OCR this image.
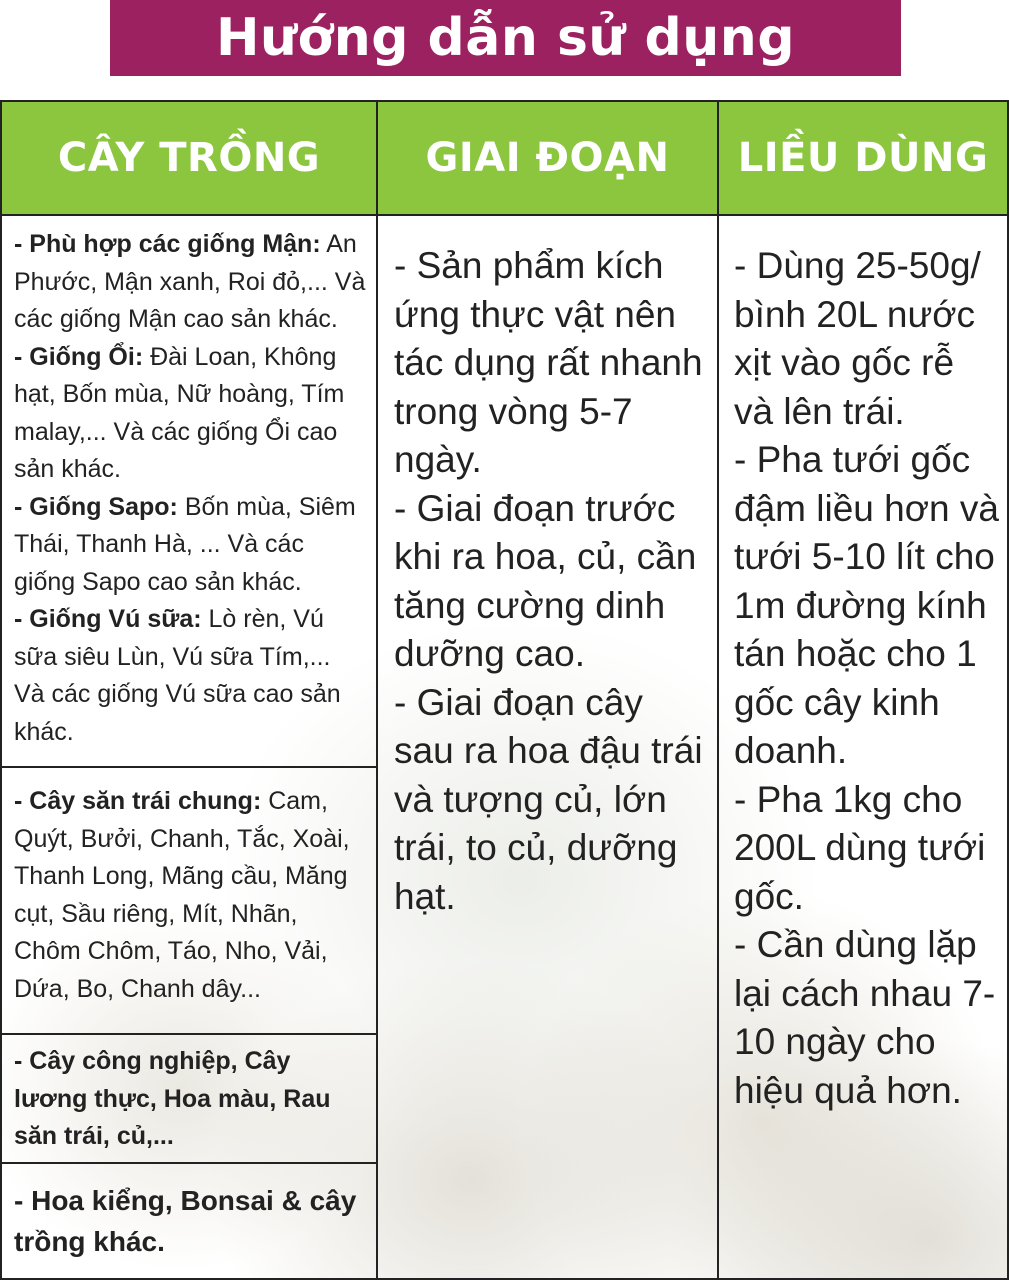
Hướng dẫn sử dụng
CÂY TRỒNG	GIAI ĐOẠN LIỀU DÙNG
- Phù hợp các giống Mận: An Phước, Mận xanh, Roi đỏ,... Và các giống Mận cao sản khác.
- Giống Ổi: Đài Loan, Không hạt, Bốn mùa, Nữ hoàng, Tím malay,... Và các giống Ổi cao sản khác.
- Giống Sapo: Bốn mùa, Siêm Thái, Thanh Hà, ... Và các giống Sapo cao sản khác.
- Giống Vú sữa: Lò rèn, Vú sữa siêu Lùn, Vú sữa Tím,... Và các giống Vú sữa cao sản khác.
- Cây săn trái chung: Cam, Quýt, Bưởi, Chanh, Tắc, Xoài, Thanh Long, Mãng cầu, Măng cụt, Sầu riêng, Mít, Nhãn, Chôm Chôm, Táo, Nho, Vải, Dứa, Bo, Chanh dây...
- Cây công nghiệp, Cây lương thực, Hoa màu, Rau săn trái, củ,...
- Hoa kiểng, Bonsai & cây trồng khác.
- Sản phẩm kích ứng thực vật nên tác dụng rất nhanh trong vòng 5-7 ngày.
- Giai đoạn trước khi ra hoa, củ, cần tăng cường dinh dưỡng cao.
- Giai đoạn cây sau ra hoa đậu trái và tượng củ, lớn trái, to củ, dưỡng hạt.
- Dùng 25-50g/ bình 20L nước xịt vào gốc rễ và lên trái.
- Pha tưới gốc đậm liều hơn và tưới 5-10 lít cho 1m đường kính tán hoặc cho 1 gốc cây kinh doanh.
- Pha 1kg cho 200L dùng tưới gốc.
- Cần dùng lặp lại cách nhau 7-10 ngày cho hiệu quả hơn.
